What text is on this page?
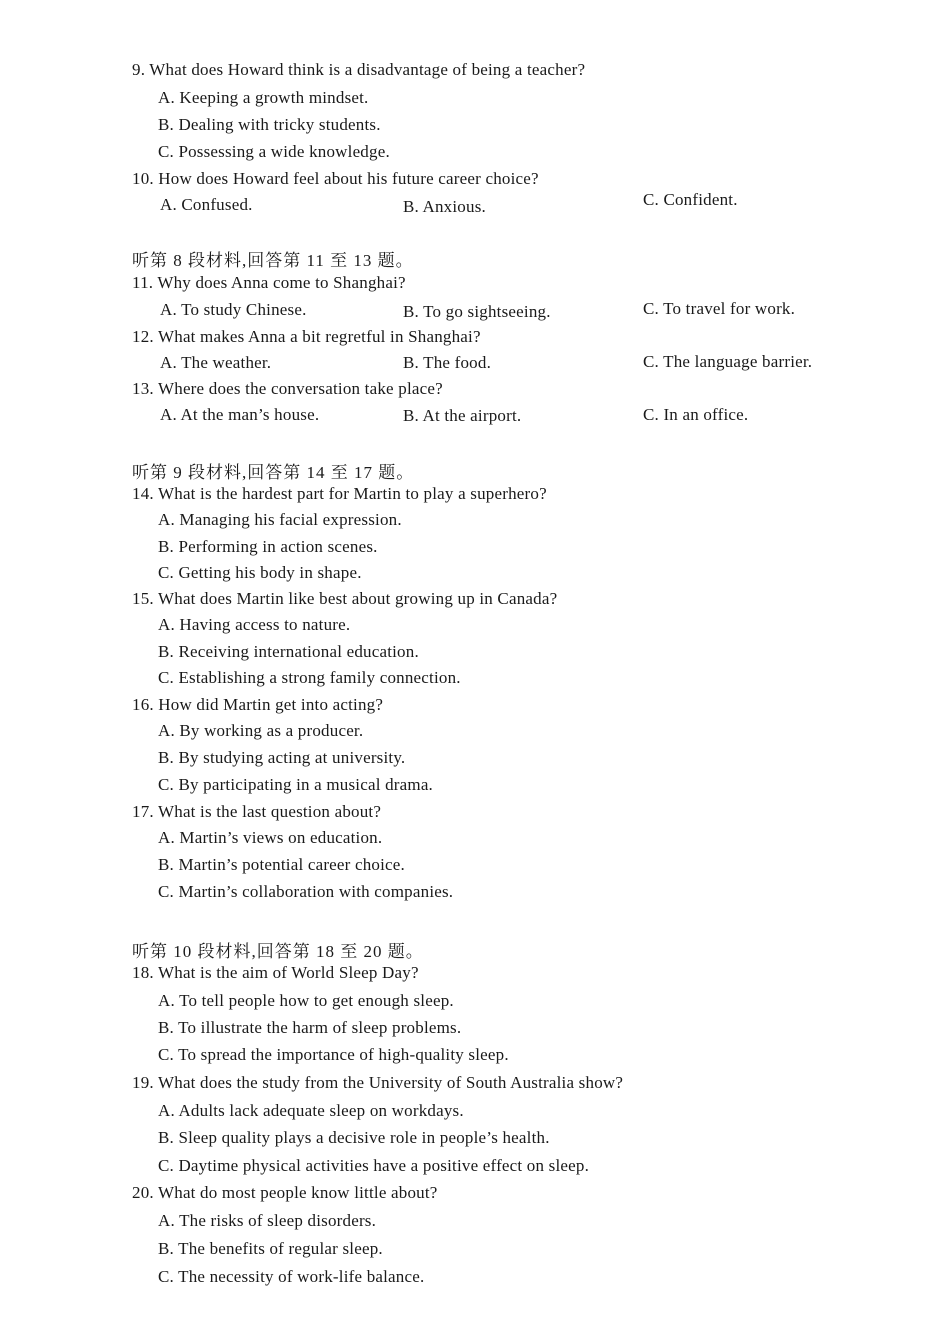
9. What does Howard think is a disadvantage of being a teacher?
A. Keeping a growth mindset.
B. Dealing with tricky students.
C. Possessing a wide knowledge.
10. How does Howard feel about his future career choice?
A. Confused.	B. Anxious.	C. Confident.
听第 8 段材料,回答第 11 至 13 题。
11. Why does Anna come to Shanghai?
A. To study Chinese.	B. To go sightseeing.	C. To travel for work.
12. What makes Anna a bit regretful in Shanghai?
A. The weather.	B. The food.	C. The language barrier.
13. Where does the conversation take place?
A. At the man’s house.	B. At the airport.	C. In an office.
听第 9 段材料,回答第 14 至 17 题。
14. What is the hardest part for Martin to play a superhero?
A. Managing his facial expression.
B. Performing in action scenes.
C. Getting his body in shape.
15. What does Martin like best about growing up in Canada?
A. Having access to nature.
B. Receiving international education.
C. Establishing a strong family connection.
16. How did Martin get into acting?
A. By working as a producer.
B. By studying acting at university.
C. By participating in a musical drama.
17. What is the last question about?
A. Martin’s views on education.
B. Martin’s potential career choice.
C. Martin’s collaboration with companies.
听第 10 段材料,回答第 18 至 20 题。
18. What is the aim of World Sleep Day?
A. To tell people how to get enough sleep.
B. To illustrate the harm of sleep problems.
C. To spread the importance of high-quality sleep.
19. What does the study from the University of South Australia show?
A. Adults lack adequate sleep on workdays.
B. Sleep quality plays a decisive role in people’s health.
C. Daytime physical activities have a positive effect on sleep.
20. What do most people know little about?
A. The risks of sleep disorders.
B. The benefits of regular sleep.
C. The necessity of work-life balance.
